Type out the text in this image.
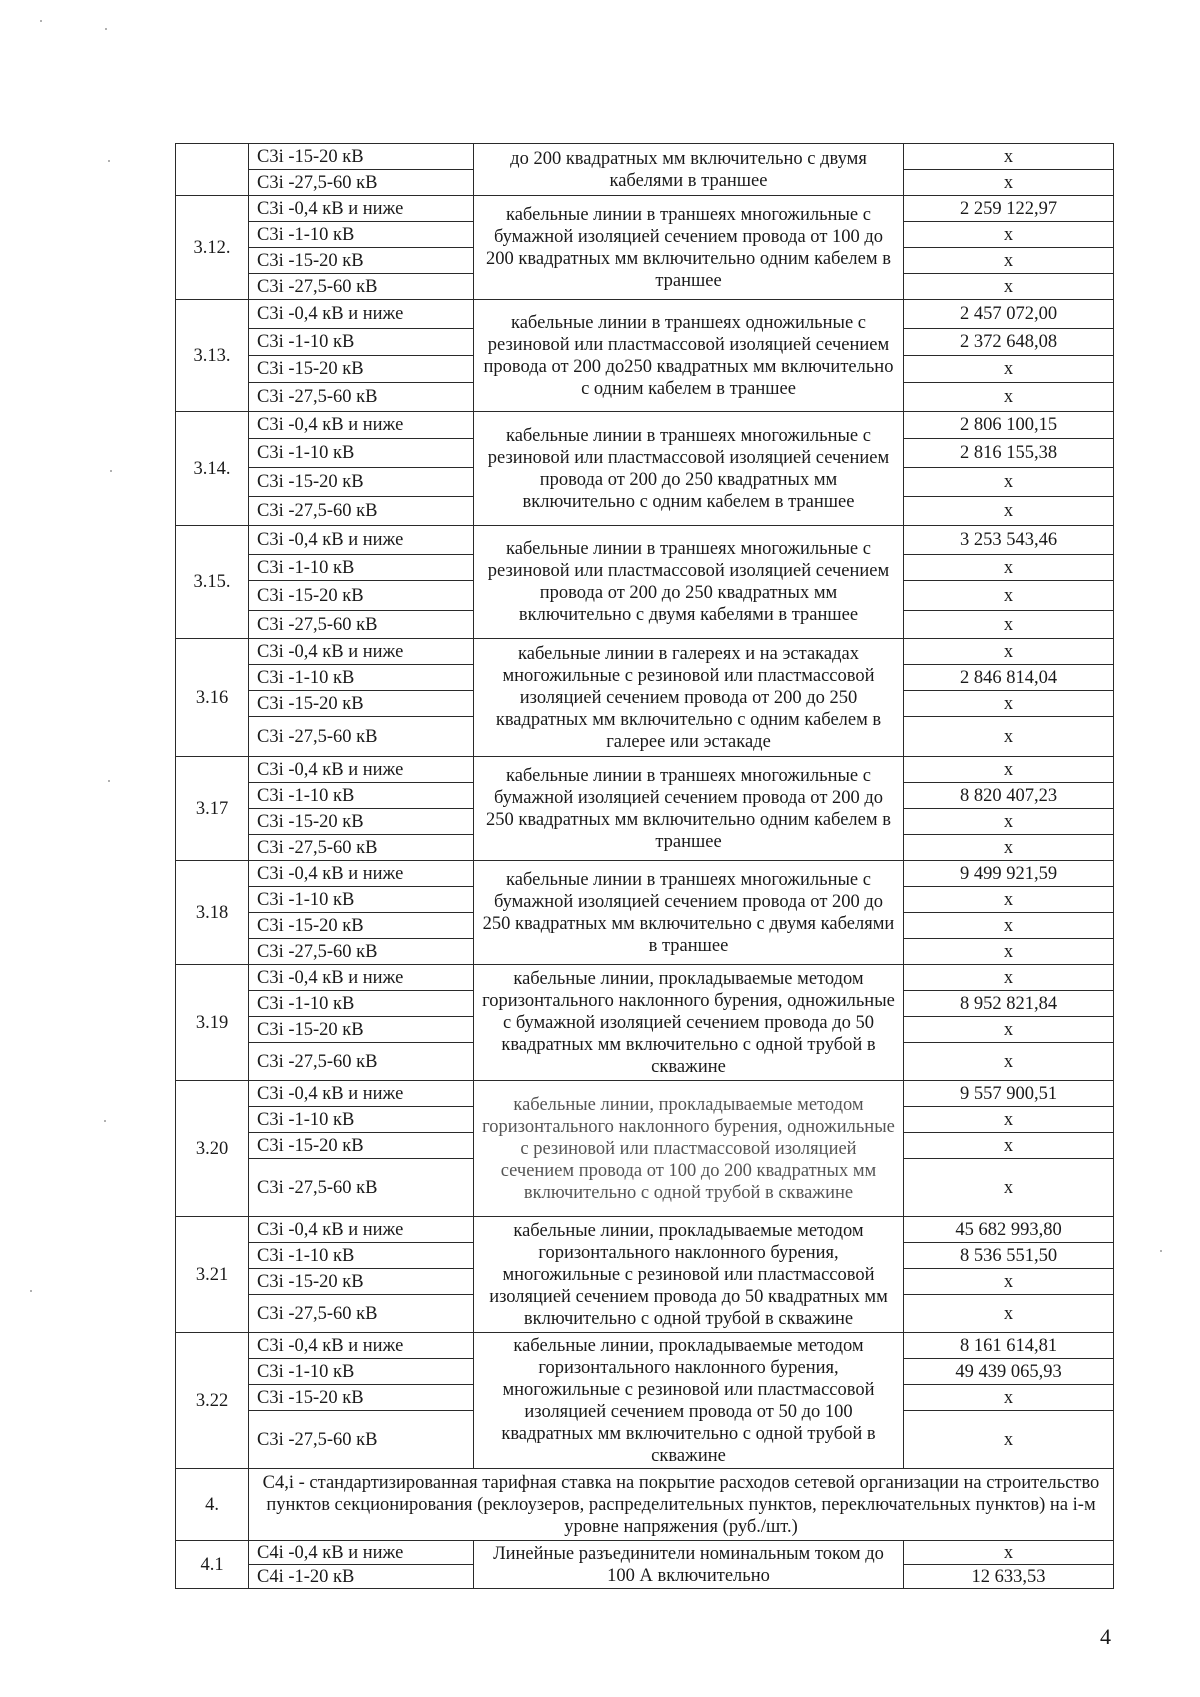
	С3i -15-20 кВ	до 200 квадратных мм включительно с двумя кабелями в траншее	x
	С3i -27,5-60 кВ		x
3.12.	С3i -0,4 кВ и ниже	кабельные линии в траншеях многожильные с бумажной изоляцией сечением провода от 100 до 200 квадратных мм включительно одним кабелем в траншее	2 259 122,97
	С3i -1-10 кВ		x
	С3i -15-20 кВ		x
	С3i -27,5-60 кВ		x
3.13.	С3i -0,4 кВ и ниже	кабельные линии в траншеях одножильные с резиновой или пластмассовой изоляцией сечением провода от 200 до250 квадратных мм включительно с одним кабелем в траншее	2 457 072,00
	С3i -1-10 кВ		2 372 648,08
	С3i -15-20 кВ		x
	С3i -27,5-60 кВ		x
3.14.	С3i -0,4 кВ и ниже	кабельные линии в траншеях многожильные с резиновой или пластмассовой изоляцией сечением провода от 200 до 250 квадратных мм включительно с одним кабелем в траншее	2 806 100,15
	С3i -1-10 кВ		2 816 155,38
	С3i -15-20 кВ		x
	С3i -27,5-60 кВ		x
3.15.	С3i -0,4 кВ и ниже	кабельные линии в траншеях многожильные с резиновой или пластмассовой изоляцией сечением провода от 200 до 250 квадратных мм включительно с двумя кабелями в траншее	3 253 543,46
	С3i -1-10 кВ		x
	С3i -15-20 кВ		x
	С3i -27,5-60 кВ		x
3.16	С3i -0,4 кВ и ниже	кабельные линии в галереях и на эстакадах многожильные с резиновой или пластмассовой изоляцией сечением провода от 200 до 250 квадратных мм включительно с одним кабелем в галерее или эстакаде	x
	С3i -1-10 кВ		2 846 814,04
	С3i -15-20 кВ		x
	С3i -27,5-60 кВ		x
3.17	С3i -0,4 кВ и ниже	кабельные линии в траншеях многожильные с бумажной изоляцией сечением провода от 200 до 250 квадратных мм включительно одним кабелем в траншее	x
	С3i -1-10 кВ		8 820 407,23
	С3i -15-20 кВ		x
	С3i -27,5-60 кВ		x
3.18	С3i -0,4 кВ и ниже	кабельные линии в траншеях многожильные с бумажной изоляцией сечением провода от 200 до 250 квадратных мм включительно с двумя кабелями в траншее	9 499 921,59
	С3i -1-10 кВ		x
	С3i -15-20 кВ		x
	С3i -27,5-60 кВ		x
3.19	С3i -0,4 кВ и ниже	кабельные линии, прокладываемые методом горизонтального наклонного бурения, одножильные с бумажной изоляцией сечением провода до 50 квадратных мм включительно с одной трубой в скважине	x
	С3i -1-10 кВ		8 952 821,84
	С3i -15-20 кВ		x
	С3i -27,5-60 кВ		x
3.20	С3i -0,4 кВ и ниже	кабельные линии, прокладываемые методом горизонтального наклонного бурения, одножильные с резиновой или пластмассовой изоляцией сечением провода от 100 до 200 квадратных мм включительно с одной трубой в скважине	9 557 900,51
	С3i -1-10 кВ		x
	С3i -15-20 кВ		x
	С3i -27,5-60 кВ		x
3.21	С3i -0,4 кВ и ниже	кабельные линии, прокладываемые методом горизонтального наклонного бурения, многожильные с резиновой или пластмассовой изоляцией сечением провода до 50 квадратных мм включительно с одной трубой в скважине	45 682 993,80
	С3i -1-10 кВ		8 536 551,50
	С3i -15-20 кВ		x
	С3i -27,5-60 кВ		x
3.22	С3i -0,4 кВ и ниже	кабельные линии, прокладываемые методом горизонтального наклонного бурения, многожильные с резиновой или пластмассовой изоляцией сечением провода от 50 до 100 квадратных мм включительно с одной трубой в скважине	8 161 614,81
	С3i -1-10 кВ		49 439 065,93
	С3i -15-20 кВ		x
	С3i -27,5-60 кВ		x
4.	С4,i - стандартизированная тарифная ставка на покрытие расходов сетевой организации на строительство пунктов секционирования (реклоузеров, распределительных пунктов, переключательных пунктов) на i-м уровне напряжения (руб./шт.)		
4.1	С4i -0,4 кВ и ниже	Линейные разъединители номинальным током до 100 А включительно	x
	С4i -1-20 кВ		12 633,53
4
